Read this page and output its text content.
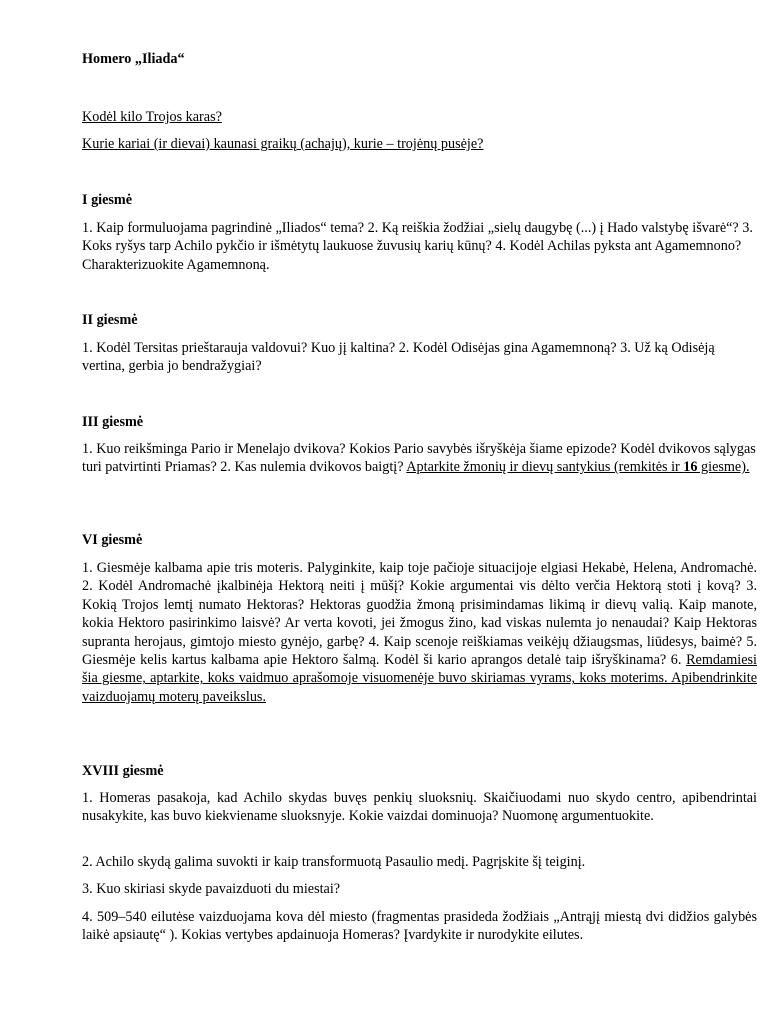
Homero „Iliada“

Kodėl kilo Trojos karas?

Kurie kariai (ir dievai) kaunasi graikų (achajų), kurie – trojėnų pusėje?

I giesmė

1. Kaip formuluojama pagrindinė „Iliados“ tema? 2. Ką reiškia žodžiai „sielų daugybę (...) į Hado valstybę išvarė“? 3. Koks ryšys tarp Achilo pykčio ir išmėtytų laukuose žuvusių karių kūnų? 4. Kodėl Achilas pyksta ant Agamemnono? Charakterizuokite Agamemnoną.

II giesmė

1. Kodėl Tersitas prieštarauja valdovui? Kuo jį kaltina? 2. Kodėl Odisėjas gina Agamemnoną? 3. Už ką Odisėją vertina, gerbia jo bendražygiai?

III giesmė

1. Kuo reikšminga Pario ir Menelajo dvikova? Kokios Pario savybės išryškėja šiame epizode? Kodėl dvikovos sąlygas turi patvirtinti Priamas? 2. Kas nulemia dvikovos baigtį? Aptarkite žmonių ir dievų santykius (remkitės ir 16 giesme).

VI giesmė

1. Giesmėje kalbama apie tris moteris. Palyginkite, kaip toje pačioje situacijoje elgiasi Hekabė, Helena, Andromachė. 2. Kodėl Andromachė įkalbinėja Hektorą neiti į mūšį? Kokie argumentai vis dėlto verčia Hektorą stoti į kovą? 3. Kokią Trojos lemtį numato Hektoras? Hektoras guodžia žmoną prisimindamas likimą ir dievų valią. Kaip manote, kokia Hektoro pasirinkimo laisvė? Ar verta kovoti, jei žmogus žino, kad viskas nulemta jo nenaudai? Kaip Hektoras supranta herojaus, gimtojo miesto gynėjo, garbę? 4. Kaip scenoje reiškiamas veikėjų džiaugsmas, liūdesys, baimė? 5. Giesmėje kelis kartus kalbama apie Hektoro šalmą. Kodėl ši kario aprangos detalė taip išryškinama? 6. Remdamiesi šia giesme, aptarkite, koks vaidmuo aprašomoje visuomenėje buvo skiriamas vyrams, koks moterims. Apibendrinkite vaizduojamų moterų paveikslus.

XVIII giesmė

1. Homeras pasakoja, kad Achilo skydas buvęs penkių sluoksnių. Skaičiuodami nuo skydo centro, apibendrintai nusakykite, kas buvo kiekviename sluoksnyje. Kokie vaizdai dominuoja? Nuomonę argumentuokite.

2. Achilo skydą galima suvokti ir kaip transformuotą Pasaulio medį. Pagrįskite šį teiginį.

3. Kuo skiriasi skyde pavaizduoti du miestai?

4. 509–540 eilutėse vaizduojama kova dėl miesto (fragmentas prasideda žodžiais „Antrąjį miestą dvi didžios galybės laikė apsiautę“ ). Kokias vertybes apdainuoja Homeras? Įvardykite ir nurodykite eilutes.
